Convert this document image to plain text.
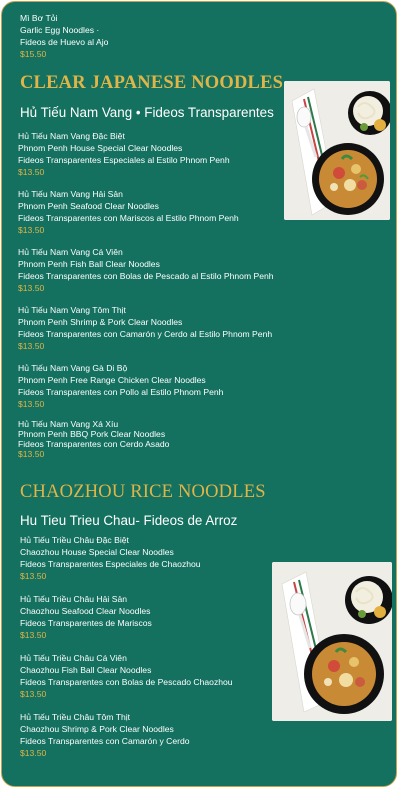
Mì Bơ Tỏi
Garlic Egg Noodles ·
Fideos de Huevo al Ajo
$15.50
CLEAR JAPANESE NOODLES
Hủ Tiếu Nam Vang • Fideos Transparentes
Hủ Tiếu Nam Vang Đặc Biệt
Phnom Penh House Special Clear Noodles
Fideos Transparentes Especiales al Estilo Phnom Penh
$13.50
Hủ Tiếu Nam Vang Hải Sản
Phnom Penh Seafood Clear Noodles
Fideos Transparentes con Mariscos al Estilo Phnom Penh
$13.50
Hủ Tiếu Nam Vang Cá Viên
Phnom Penh Fish Ball Clear Noodles
Fideos Transparentes con Bolas de Pescado al Estilo Phnom Penh
$13.50
Hủ Tiếu Nam Vang Tôm Thịt
Phnom Penh Shrimp & Pork Clear Noodles
Fideos Transparentes con Camarón y Cerdo al Estilo Phnom Penh
$13.50
Hủ Tiếu Nam Vang Gà Di Bộ
Phnom Penh Free Range Chicken Clear Noodles
Fideos Transparentes con Pollo al Estilo Phnom Penh
$13.50
Hủ Tiếu Nam Vang Xá Xíu
Phnom Penh BBQ Pork Clear Noodles
Fideos Transparentes con Cerdo Asado
$13.50
CHAOZHOU RICE NOODLES
Hu Tieu Trieu Chau- Fideos de Arroz
Hủ Tiếu Triều Châu Đặc Biệt
Chaozhou House Special Clear Noodles
Fideos Transparentes Especiales de Chaozhou
$13.50
Hủ Tiếu Triều Châu Hải Sản
Chaozhou Seafood Clear Noodles
Fideos Transparentes de Mariscos
$13.50
Hủ Tiếu Triều Châu Cá Viên
Chaozhou Fish Ball Clear Noodles
Fideos Transparentes con Bolas de Pescado Chaozhou
$13.50
Hủ Tiếu Triều Châu Tôm Thịt
Chaozhou Shrimp & Pork Clear Noodles
Fideos Transparentes con Camarón y Cerdo
$13.50
